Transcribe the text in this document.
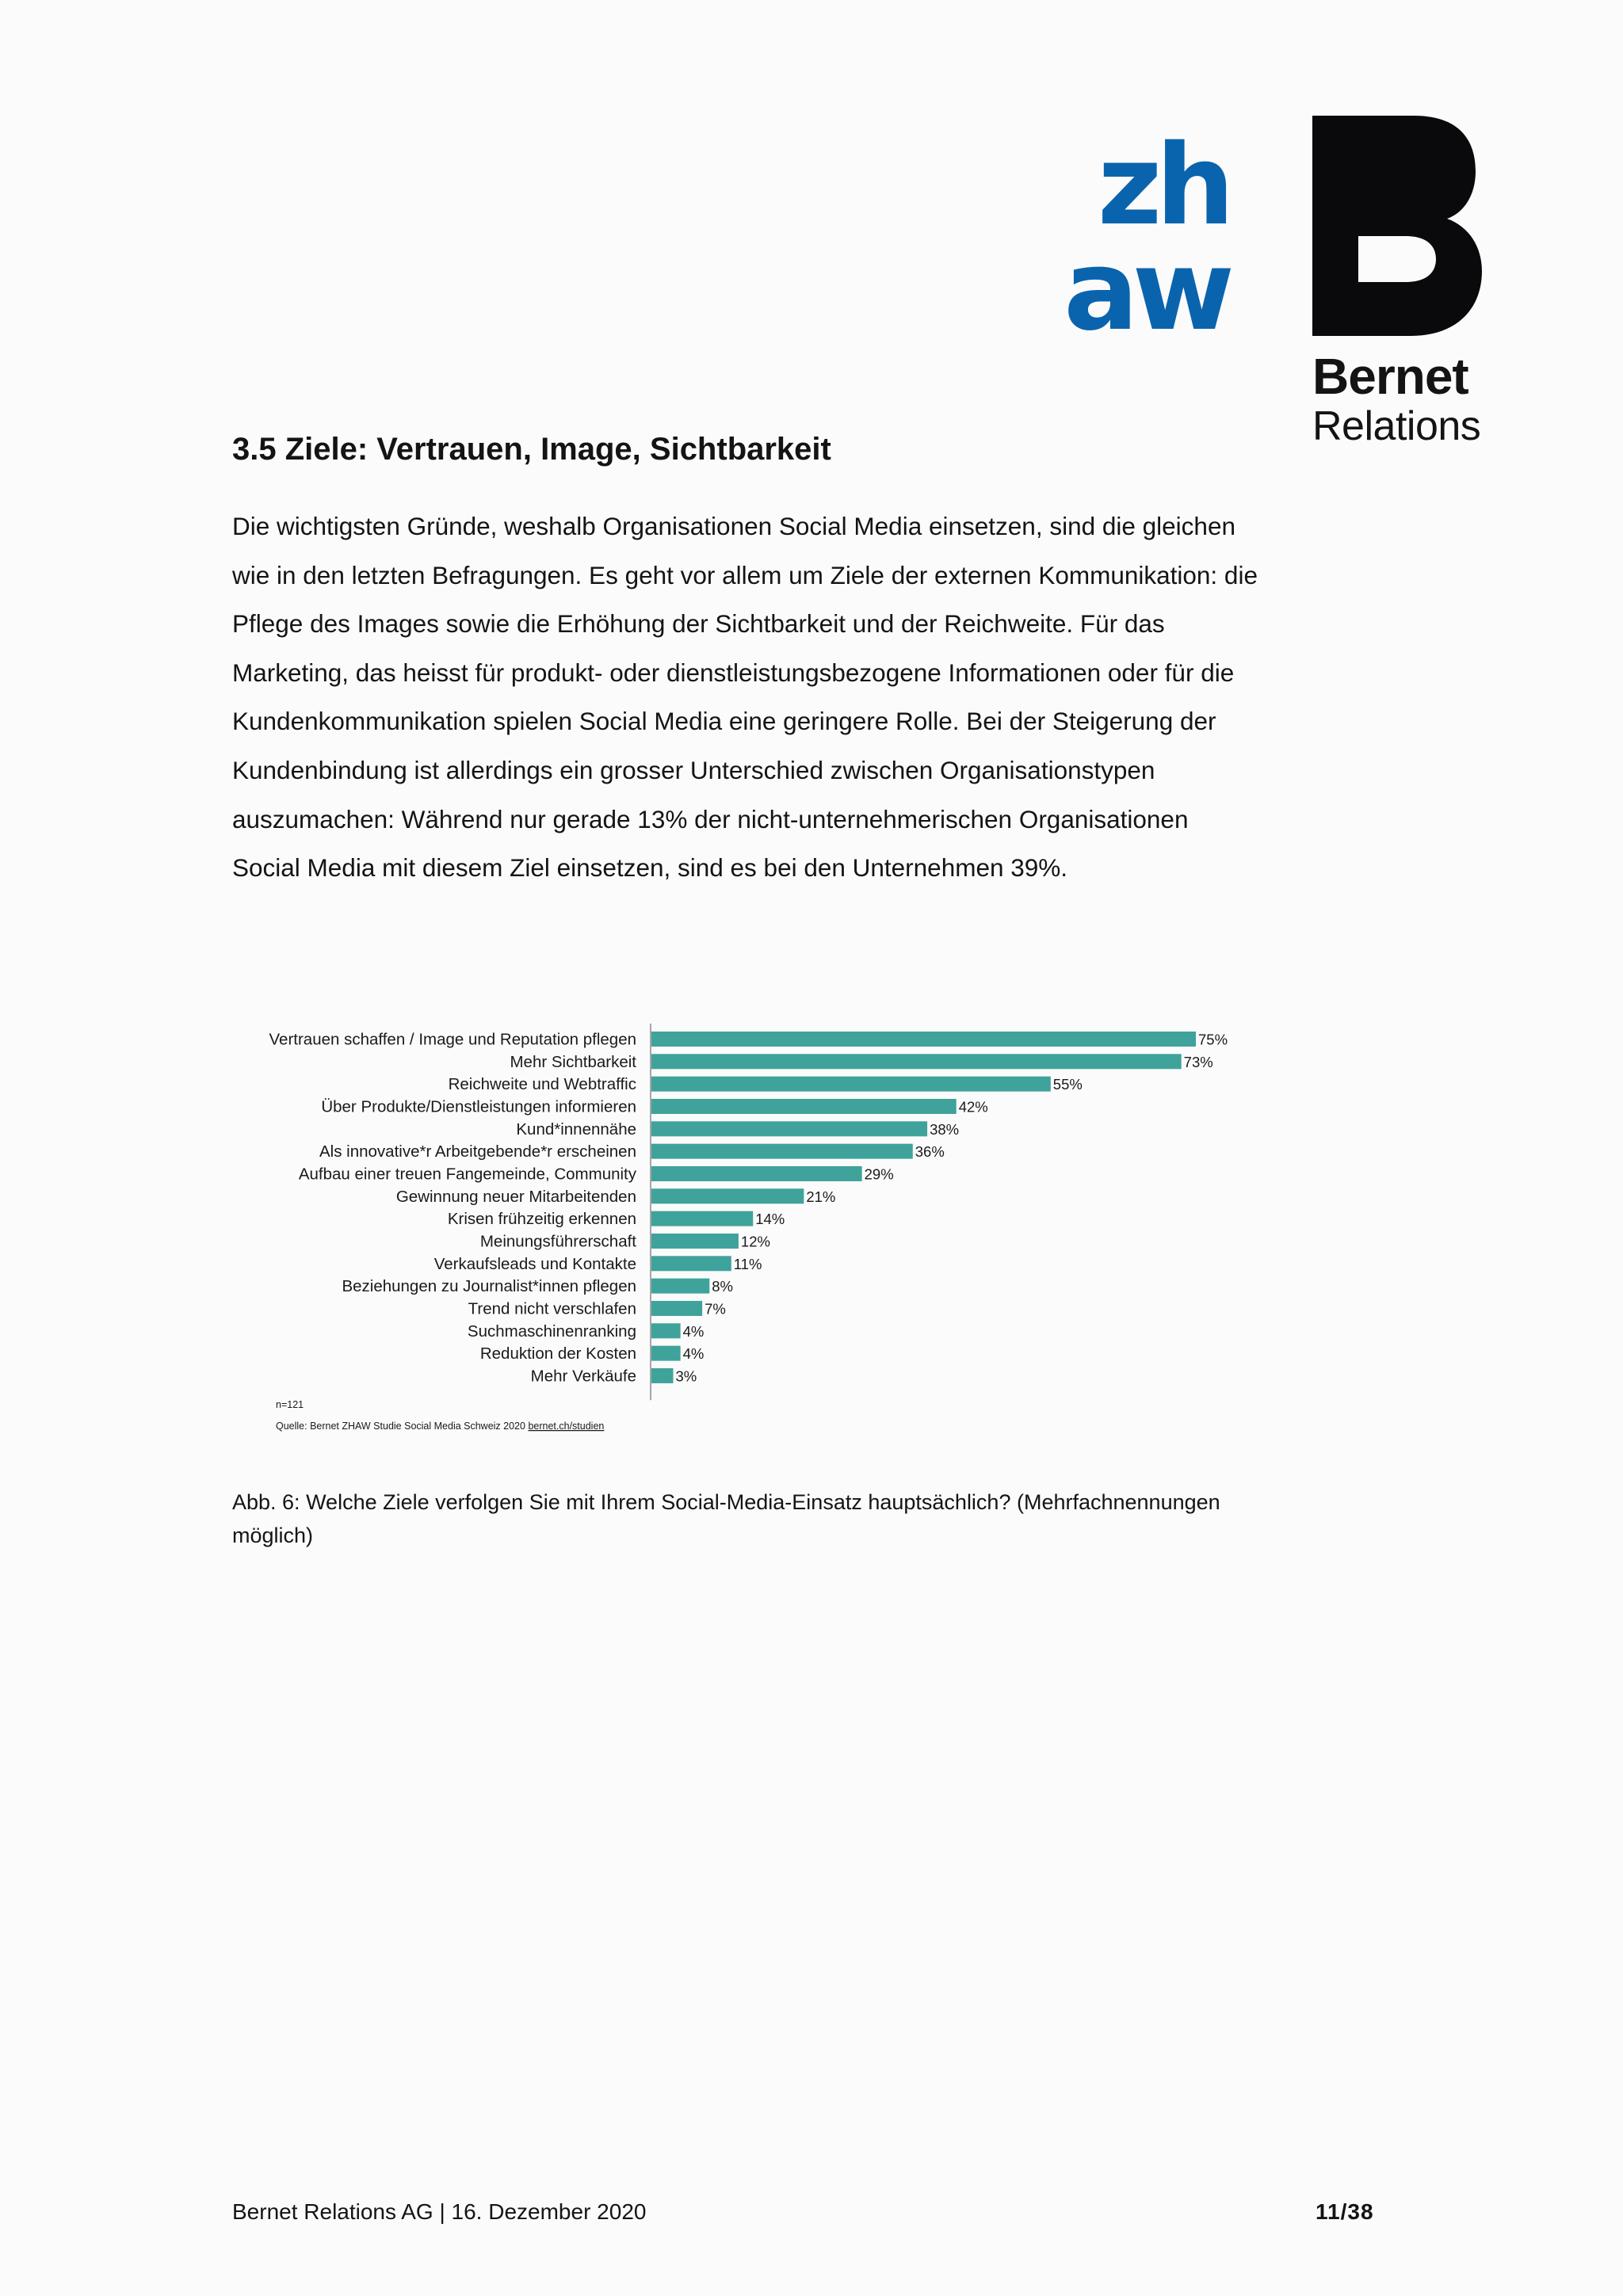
zh
aw
Bernet
Relations
3.5 Ziele: Vertrauen, Image, Sichtbarkeit

Die wichtigsten Gründe, weshalb Organisationen Social Media einsetzen, sind die gleichen wie in den letzten Befragungen. Es geht vor allem um Ziele der externen Kommunikation: die Pflege des Images sowie die Erhöhung der Sichtbarkeit und der Reichweite. Für das Marketing, das heisst für produkt- oder dienstleistungsbezogene Informationen oder für die Kundenkommunikation spielen Social Media eine geringere Rolle. Bei der Steigerung der Kundenbindung ist allerdings ein grosser Unterschied zwischen Organisationstypen auszumachen: Während nur gerade 13% der nicht-unternehmerischen Organisationen Social Media mit diesem Ziel einsetzen, sind es bei den Unternehmen 39%.

Vertrauen schaffen / Image und Reputation pflegen	75%
Mehr Sichtbarkeit	73%
Reichweite und Webtraffic	55%
Über Produkte/Dienstleistungen informieren	42%
Kund*innennähe	38%
Als innovative*r Arbeitgebende*r erscheinen	36%
Aufbau einer treuen Fangemeinde, Community	29%
Gewinnung neuer Mitarbeitenden	21%
Krisen frühzeitig erkennen	14%
Meinungsführerschaft	12%
Verkaufsleads und Kontakte	11%
Beziehungen zu Journalist*innen pflegen	8%
Trend nicht verschlafen	7%
Suchmaschinenranking	4%
Reduktion der Kosten	4%
Mehr Verkäufe	3%
n=121
Quelle: Bernet ZHAW Studie Social Media Schweiz 2020 bernet.ch/studien

Abb. 6: Welche Ziele verfolgen Sie mit Ihrem Social-Media-Einsatz hauptsächlich? (Mehrfachnennungen möglich)

Bernet Relations AG | 16. Dezember 2020	11/38
